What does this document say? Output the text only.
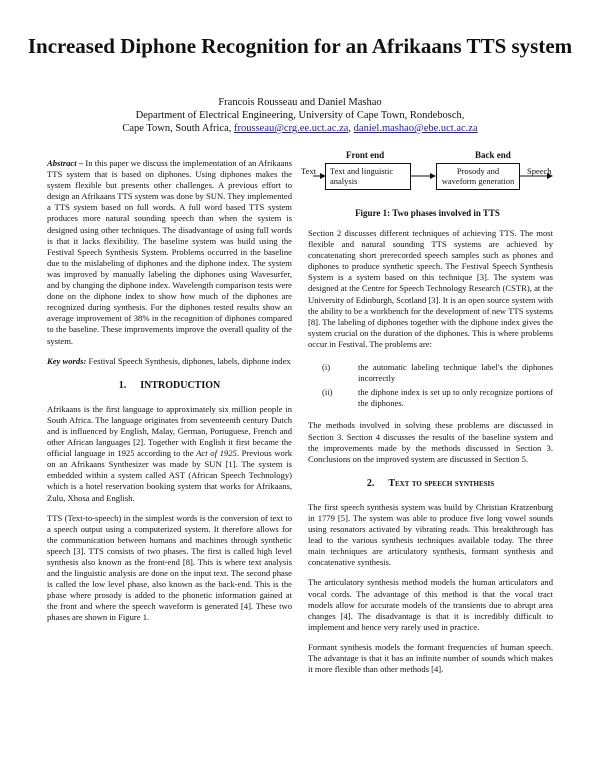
Increased Diphone Recognition for an Afrikaans TTS system
Francois Rousseau and Daniel Mashao
Department of Electrical Engineering, University of Cape Town, Rondebosch,
Cape Town, South Africa, frousseau@crg.ee.uct.ac.za, daniel.mashao@ebe.uct.ac.za

Abstract – In this paper we discuss the implementation of an Afrikaans TTS system that is based on diphones. Using diphones makes the system flexible but presents other challenges. A previous effort to design an Afrikaans TTS system was done by SUN. They implemented a TTS system based on full words. A full word based TTS system produces more natural sounding speech than when the system is designed using other techniques. The disadvantage of using full words is that it lacks flexibility. The baseline system was build using the Festival Speech Synthesis System. Problems occurred in the baseline due to the mislabeling of diphones and the diphone index. The system was improved by manually labeling the diphones using Wavesurfer, and by changing the diphone index. Wavelength comparison tests were done on the diphone index to show how much of the diphones are recognized during synthesis. For the diphones tested results show an average improvement of 38% in the recognition of diphones compared to the baseline. These improvements improve the overall quality of the system.

Key words: Festival Speech Synthesis, diphones, labels, diphone index

1. INTRODUCTION

Afrikaans is the first language to approximately six million people in South Africa. The language originates from seventeenth century Dutch and is influenced by English, Malay, German, Portuguese, French and other African languages [2]. Together with English it first became the official language in 1925 according to the Act of 1925. Previous work on an Afrikaans Synthesizer was made by SUN [1]. The system is embedded within a system called AST (African Speech Technology) which is a hotel reservation booking system that works for Afrikaans, Zulu, Xhosa and English.

TTS (Text-to-speech) in the simplest words is the conversion of text to a speech output using a computerized system. It therefore allows for the communication between humans and machines through synthetic speech [3]. TTS consists of two phases. The first is called high level synthesis also known as the front-end [8]. This is where text analysis and the linguistic analysis are done on the input text. The second phase is called the low level phase, also known as the back-end. This is the phase where prosody is added to the phonetic information gained at the front and where the speech waveform is generated [4]. These two phases are shown in Figure 1.

Front end	Back end
Text	Text and linguistic analysis
Prosody and waveform generation
Speech
Figure 1: Two phases involved in TTS

Section 2 discusses different techniques of achieving TTS. The most flexible and natural sounding TTS systems are achieved by concatenating short prerecorded speech samples such as phones and diphones to produce synthetic speech. The Festival Speech Synthesis System is a system based on this technique [3]. The system was designed at the Centre for Speech Technology Research (CSTR), at the University of Edinburgh, Scotland [3]. It is an open source system with the ability to be a workbench for the development of new TTS systems [8]. The labeling of diphones together with the diphone index gives the system crucial on the duration of the diphones. This is where problems occur in Festival. The problems are:

(i)	the automatic labeling technique label's the diphones incorrectly
(ii)	the diphone index is set up to only recognize portions of the diphones.

The methods involved in solving these problems are discussed in Section 3. Section 4 discusses the results of the baseline system and the improvements made by the methods discussed in Section 3. Conclusions on the improved system are discussed in Section 5.

2. Text to speech synthesis

The first speech synthesis system was build by Christian Kratzenburg in 1779 [5]. The system was able to produce five long vowel sounds using resonators activated by vibrating reads. This breakthrough has lead to the various synthesis techniques available today. The three main techniques are articulatory synthesis, formant synthesis and concatenative synthesis.

The articulatory synthesis method models the human articulators and vocal cords. The advantage of this method is that the vocal tract models allow for accurate models of the transients due to abrupt area changes [4]. The disadvantage is that it is incredibly difficult to implement and hence very rarely used in practice.

Formant synthesis models the formant frequencies of human speech. The advantage is that it has an infinite number of sounds which makes it more flexible than other methods [4].
